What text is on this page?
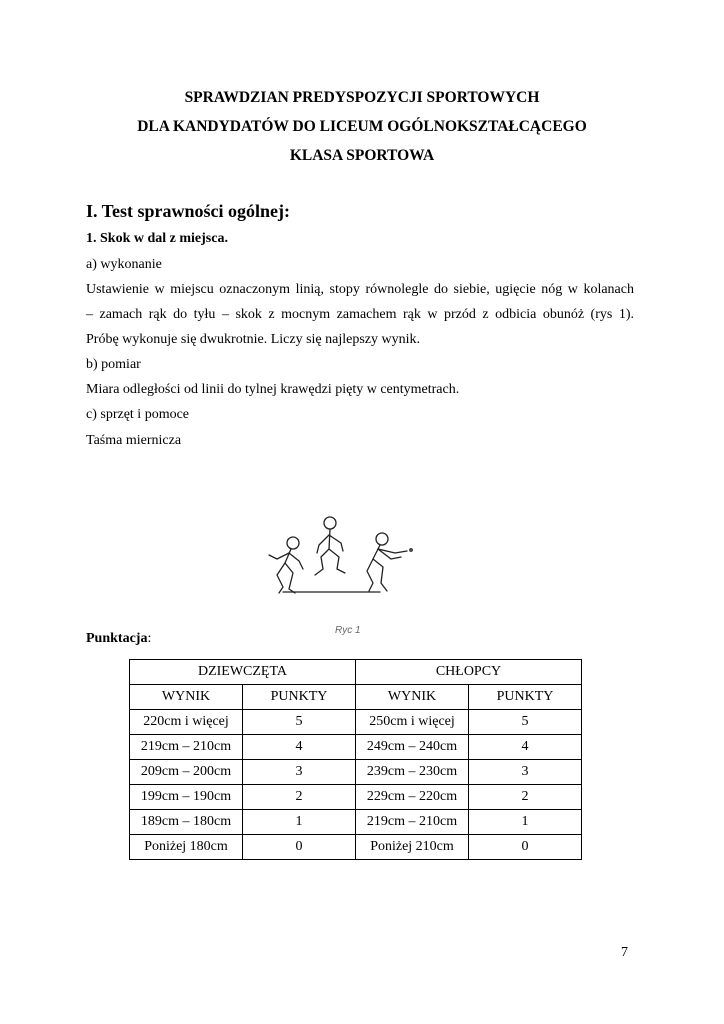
SPRAWDZIAN PREDYSPOZYCJI SPORTOWYCH
DLA KANDYDATÓW DO LICEUM OGÓLNOKSZTAŁCĄCEGO
KLASA SPORTOWA
I. Test sprawności ogólnej:
1. Skok w dal z miejsca.
a) wykonanie
Ustawienie w miejscu oznaczonym linią, stopy równolegle do siebie, ugięcie nóg w kolanach
– zamach rąk do tyłu – skok z mocnym zamachem rąk w przód z odbicia obunóż (rys 1).
Próbę wykonuje się dwukrotnie. Liczy się najlepszy wynik.
b) pomiar
Miara odległości od linii do tylnej krawędzi pięty w centymetrach.
c) sprzęt i pomoce
Taśma miernicza
Ryc 1
Punktacja:
DZIEWCZĘTA		CHŁOPCY	
WYNIK	PUNKTY	WYNIK	PUNKTY
220cm i więcej	5	250cm i więcej	5
219cm – 210cm	4	249cm – 240cm	4
209cm – 200cm	3	239cm – 230cm	3
199cm – 190cm	2	229cm – 220cm	2
189cm – 180cm	1	219cm – 210cm	1
Poniżej 180cm	0	Poniżej 210cm	0
7
